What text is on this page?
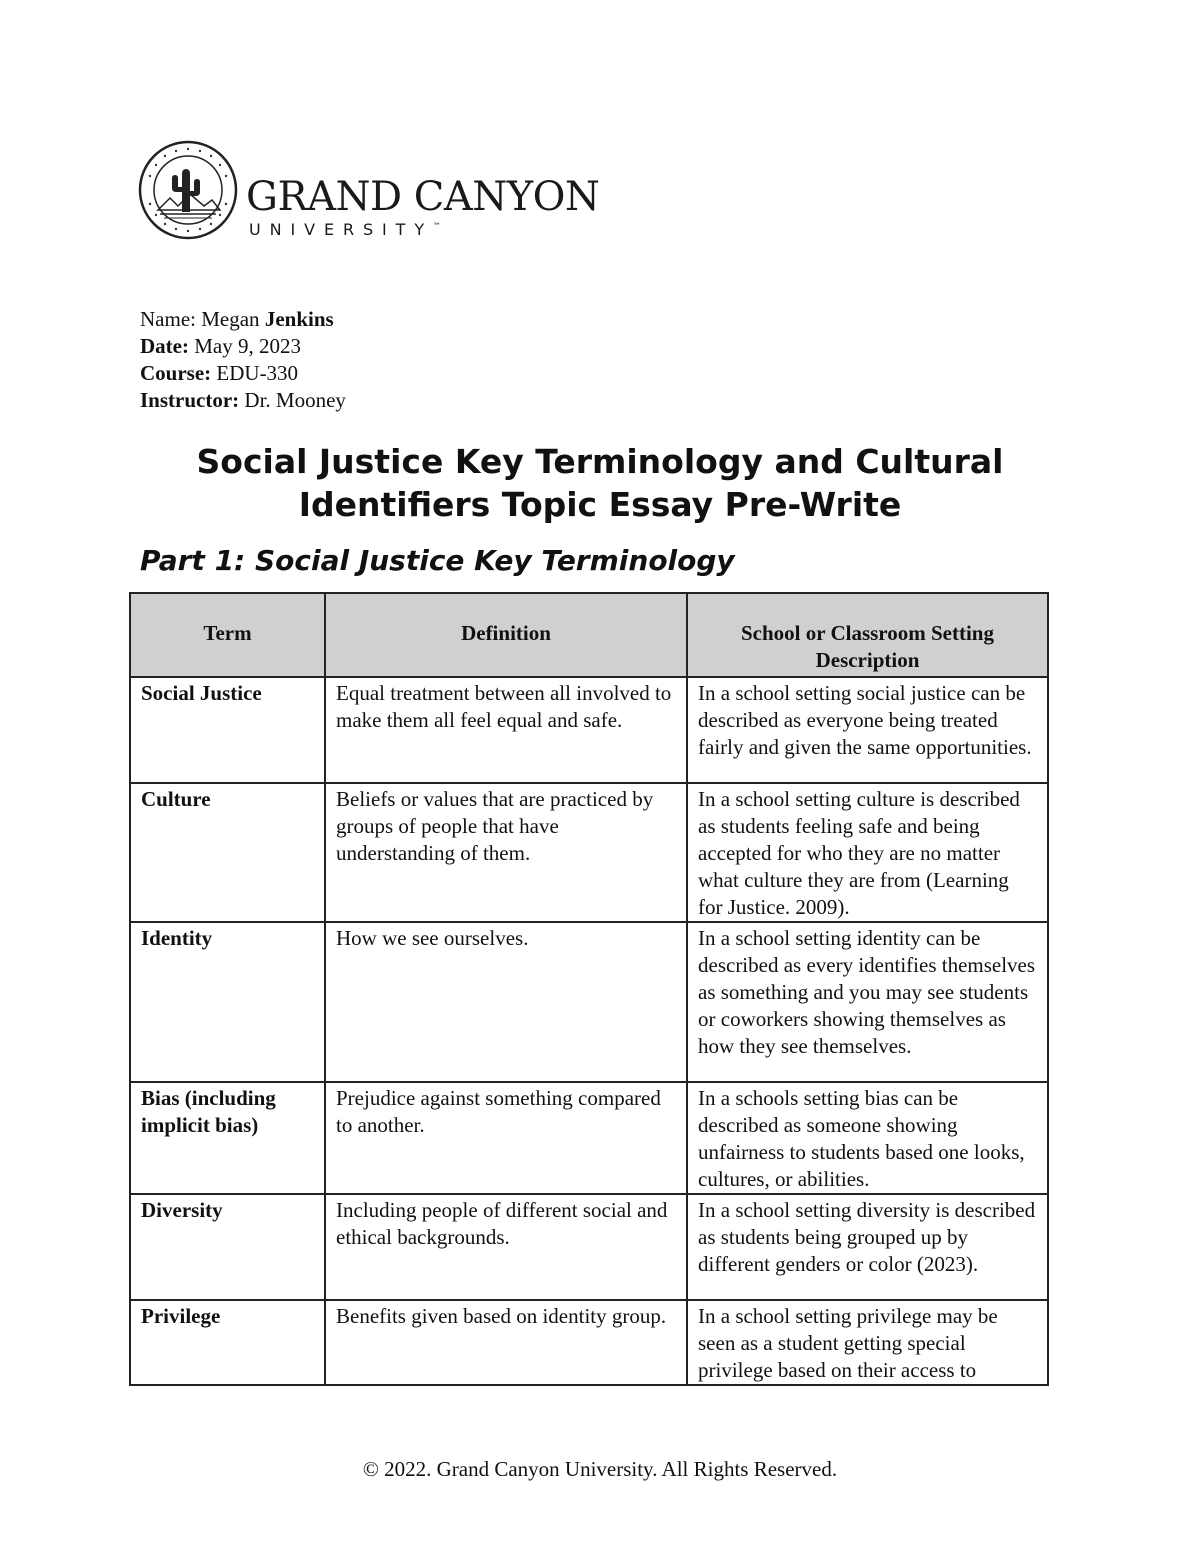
GRAND CANYON
UNIVERSITY™
Name: Megan Jenkins
Date: May 9, 2023
Course: EDU-330
Instructor: Dr. Mooney
Social Justice Key Terminology and Cultural
Identifiers Topic Essay Pre-Write
Part 1: Social Justice Key Terminology
Term	Definition	School or Classroom Setting Description
Social Justice	Equal treatment between all involved to make them all feel equal and safe.	In a school setting social justice can be described as everyone being treated fairly and given the same opportunities.
Culture	Beliefs or values that are practiced by groups of people that have understanding of them.	In a school setting culture is described as students feeling safe and being accepted for who they are no matter what culture they are from (Learning for Justice. 2009).
Identity	How we see ourselves.	In a school setting identity can be described as every identifies themselves as something and you may see students or coworkers showing themselves as how they see themselves.
Bias (including implicit bias)	Prejudice against something compared to another.	In a schools setting bias can be described as someone showing unfairness to students based one looks, cultures, or abilities.
Diversity	Including people of different social and ethical backgrounds.	In a school setting diversity is described as students being grouped up by different genders or color (2023).
Privilege	Benefits given based on identity group.	In a school setting privilege may be seen as a student getting special privilege based on their access to
© 2022. Grand Canyon University. All Rights Reserved.
